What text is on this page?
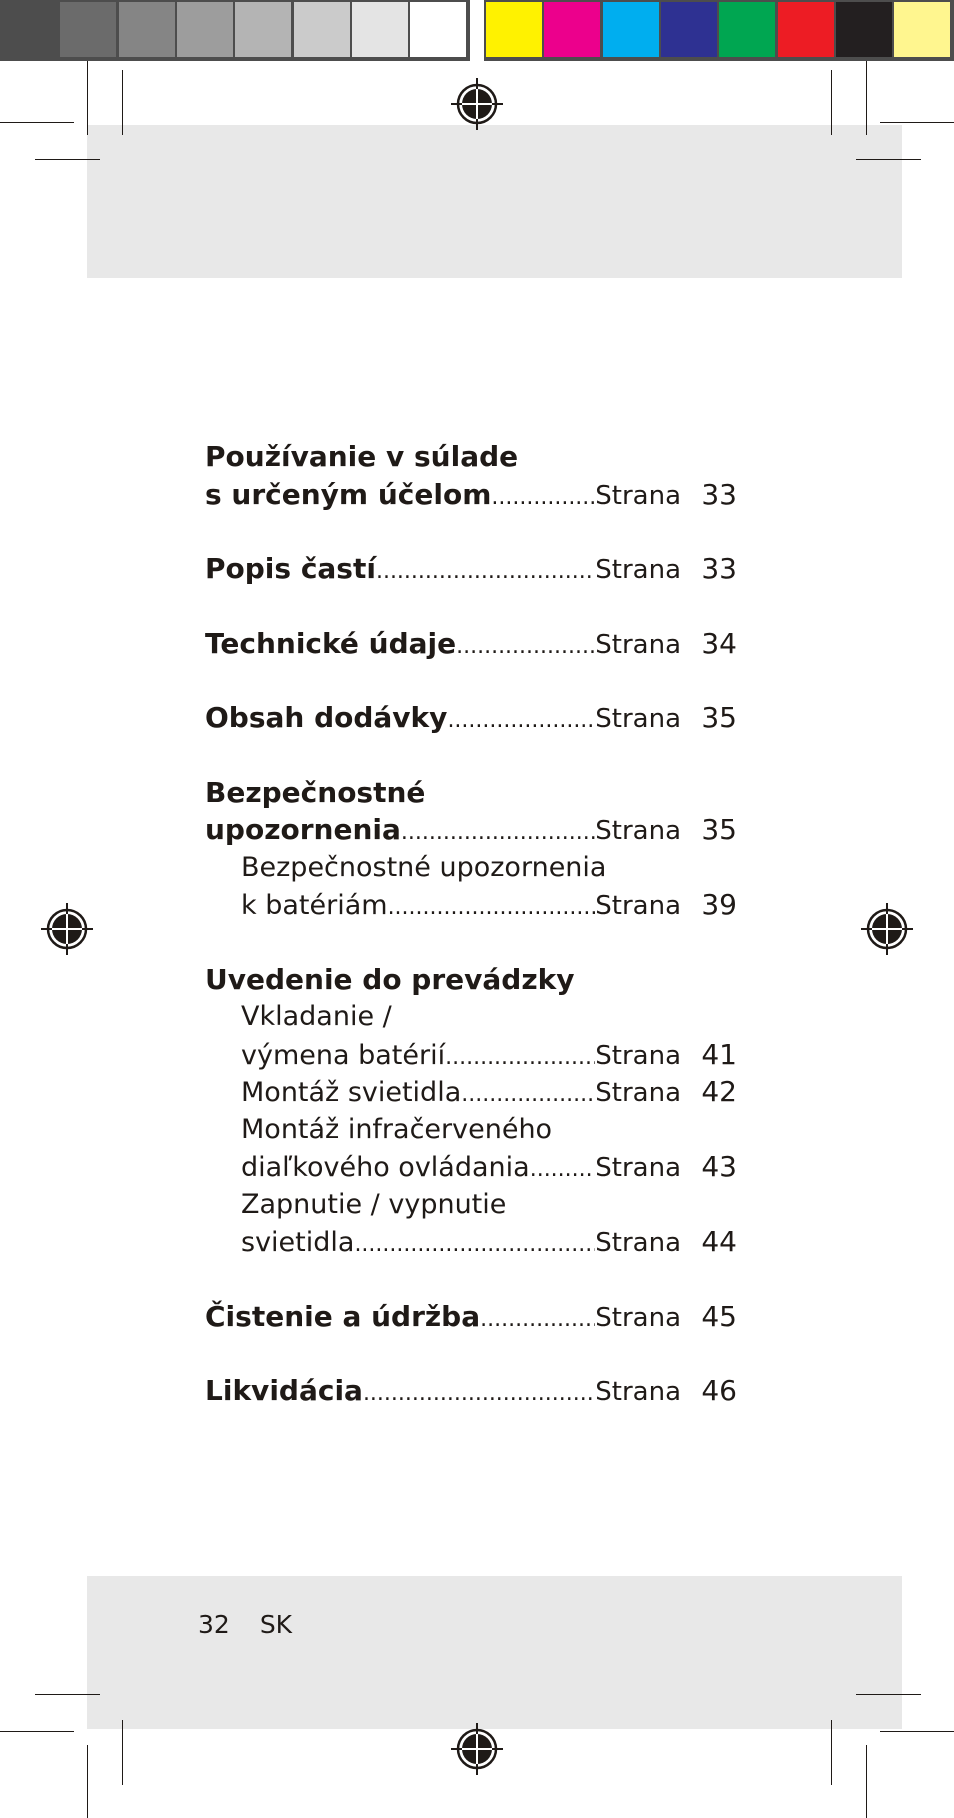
Používanie v súlade
s určeným účelom .....	Strana 33
Popis častí .....	Strana 33
Technické údaje .....	Strana 34
Obsah dodávky .....	Strana 35
Bezpečnostné
upozornenia .....	Strana 35
Bezpečnostné upozornenia
k batériám .....	Strana 39
Uvedenie do prevádzky
Vkladanie /
výmena batérií .....	Strana 41
Montáž svietidla .....	Strana 42
Montáž infračerveného
diaľkového ovládania .....	Strana 43
Zapnutie / vypnutie
svietidla .....	Strana 44
Čistenie a údržba .....	Strana 45
Likvidácia .....	Strana 46
32 SK
